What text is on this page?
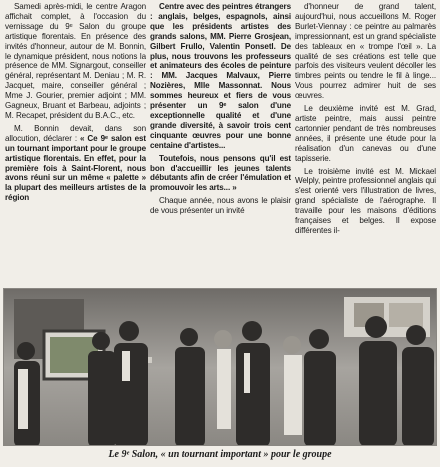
Samedi après-midi, le centre Aragon affichait complet, à l'occasion du vernissage du 9ᵉ Salon du groupe artistique florentais. En présence des invités d'honneur, autour de M. Bonnin, le dynamique président, nous notions la présence de MM. Signargout, conseiller général, représentant M. Deniau ; M. R. Jacquet, maire, conseiller général ; Mme J. Gourier, premier adjoint ; MM. Gagneux, Bruant et Barbeau, adjoints ; M. Recapet, président du B.A.C., etc.

M. Bonnin devait, dans son allocution, déclarer : « Ce 9ᵉ salon est un tournant important pour le groupe artistique florentais. En effet, pour la première fois à Saint-Florent, nous avons réuni sur un même « palette » la plupart des meilleurs artistes de la région

Centre avec des peintres étrangers : anglais, belges, espagnols, ainsi que les présidents artistes des grands salons, MM. Pierre Grosjean, Gilbert Frullo, Valentin Ponsetl. De plus, nous trouvons les professeurs et animateurs des écoles de peinture : MM. Jacques Malvaux, Pierre Nozières, Mlle Massonnat. Nous sommes heureux et fiers de vous présenter un 9ᵉ salon d'une exceptionnelle qualité et d'une grande diversité, à savoir trois cent cinquante œuvres pour une bonne centaine d'artistes...

Toutefois, nous pensons qu'il est bon d'accueillir les jeunes talents débutants afin de créer l'émulation et promouvoir les arts... »

Chaque année, nous avons le plaisir de vous présenter un invité

d'honneur de grand talent, aujourd'hui, nous accueillons M. Roger Burlet-Viennay : ce peintre au palmarès impressionnant, est un grand spécialiste des tableaux en « trompe l'œil ». La qualité de ses créations est telle que parfois des visiteurs veulent décoller les timbres peints ou tendre le fil à linge... Vous pourrez admirer huit de ses œuvres.

Le deuxième invité est M. Grad, artiste peintre, mais aussi peintre cartonnier pendant de très nombreuses années, il présente une étude pour la réalisation d'un canevas ou d'une tapisserie.

Le troisième invité est M. Mickael Welply, peintre professionnel anglais qui s'est orienté vers l'illustration de livres, grand spécialiste de l'aérographe. Il travaille pour les maisons d'éditions françaises et belges. Il expose différentes il-

Le 9ᵉ Salon, « un tournant important » pour le groupe
